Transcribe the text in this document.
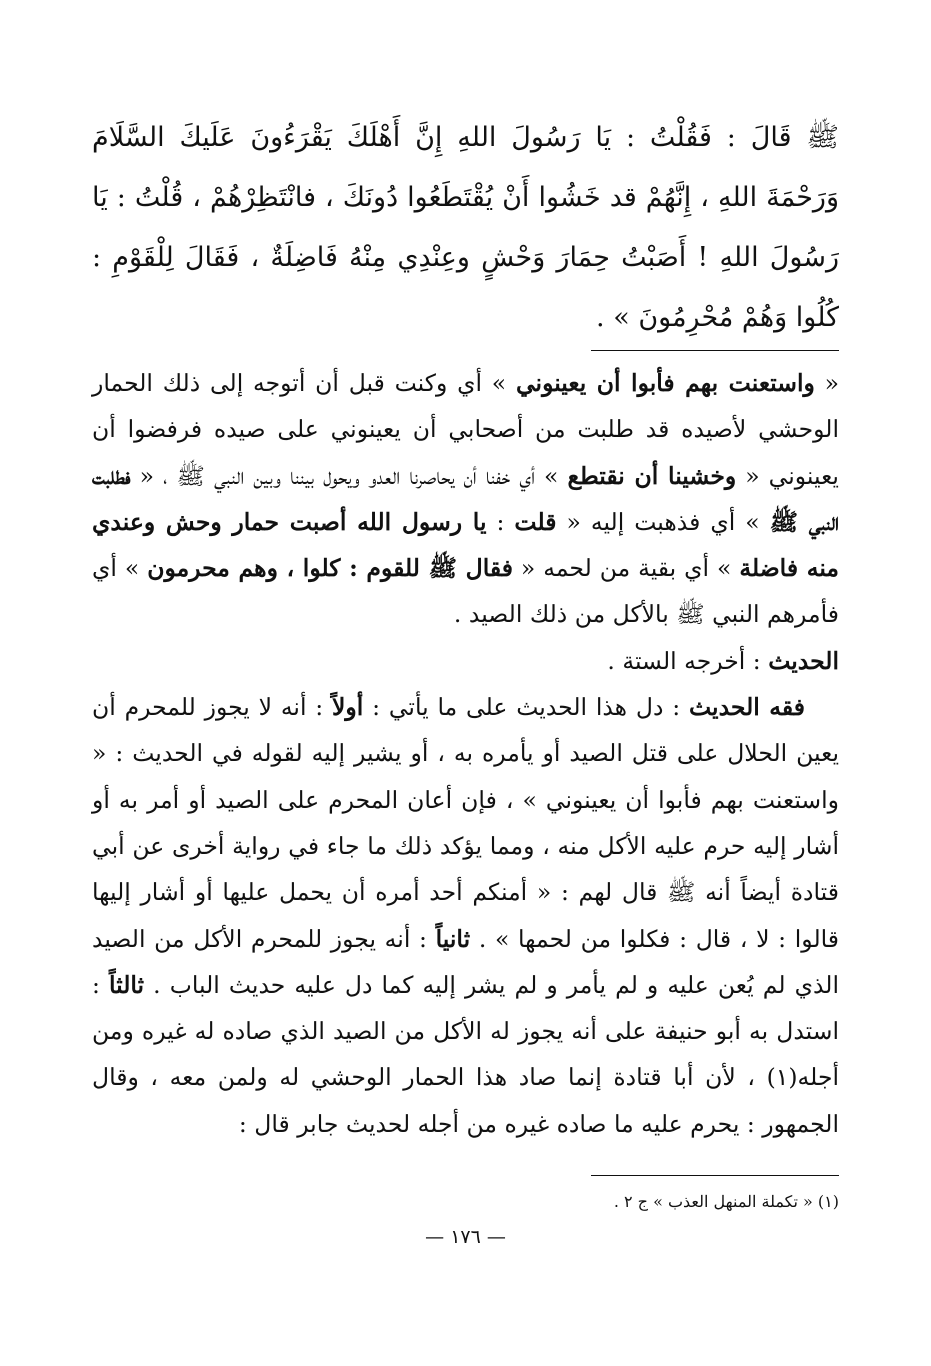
ﷺ قَالَ : فَقُلْتُ : يَا رَسُولَ اللهِ إِنَّ أَهْلَكَ يَقْرَءُونَ عَلَيكَ السَّلَامَ وَرَحْمَةَ اللهِ ، إِنَّهُمْ قد خَشُوا أَنْ يُقْتَطَعُوا دُونَكَ ، فانْتَظِرْهُمْ ، قُلْتُ : يَا رَسُولَ اللهِ ! أَصَبْتُ حِمَارَ وَحْشٍ وعِنْدِي مِنْهُ فَاضِلَةٌ ، فَقَالَ لِلْقَوْمِ : كُلُوا وَهُمْ مُحْرِمُونَ » .

« واستعنت بهم فأبوا أن يعينوني » أي وكنت قبل أن أتوجه إلى ذلك الحمار الوحشي لأصيده قد طلبت من أصحابي أن يعينوني على صيده فرفضوا أن يعينوني « وخشينا أن نقتطع » أي خفنا أن يحاصرنا العدو ويحول بيننا وبين النبي ﷺ ، « فطلبت النبي ﷺ » أي فذهبت إليه « قلت : يا رسول الله أصبت حمار وحش وعندي منه فاضلة » أي بقية من لحمه « فقال ﷺ للقوم : كلوا ، وهم محرمون » أي فأمرهم النبي ﷺ بالأكل من ذلك الصيد .

الحديث : أخرجه الستة .

فقه الحديث : دل هذا الحديث على ما يأتي : أولاً : أنه لا يجوز للمحرم أن يعين الحلال على قتل الصيد أو يأمره به ، أو يشير إليه لقوله في الحديث : « واستعنت بهم فأبوا أن يعينوني » ، فإن أعان المحرم على الصيد أو أمر به أو أشار إليه حرم عليه الأكل منه ، ومما يؤكد ذلك ما جاء في رواية أخرى عن أبي قتادة أيضاً أنه ﷺ قال لهم : « أمنكم أحد أمره أن يحمل عليها أو أشار إليها قالوا : لا ، قال : فكلوا من لحمها » . ثانياً : أنه يجوز للمحرم الأكل من الصيد الذي لم يُعن عليه و لم يأمر و لم يشر إليه كما دل عليه حديث الباب . ثالثاً : استدل به أبو حنيفة على أنه يجوز له الأكل من الصيد الذي صاده له غيره ومن أجله(١) ، لأن أبا قتادة إنما صاد هذا الحمار الوحشي له ولمن معه ، وقال الجمهور : يحرم عليه ما صاده غيره من أجله لحديث جابر قال :

(١) « تكملة المنهل العذب » ج ٢ .
— ١٧٦ —
